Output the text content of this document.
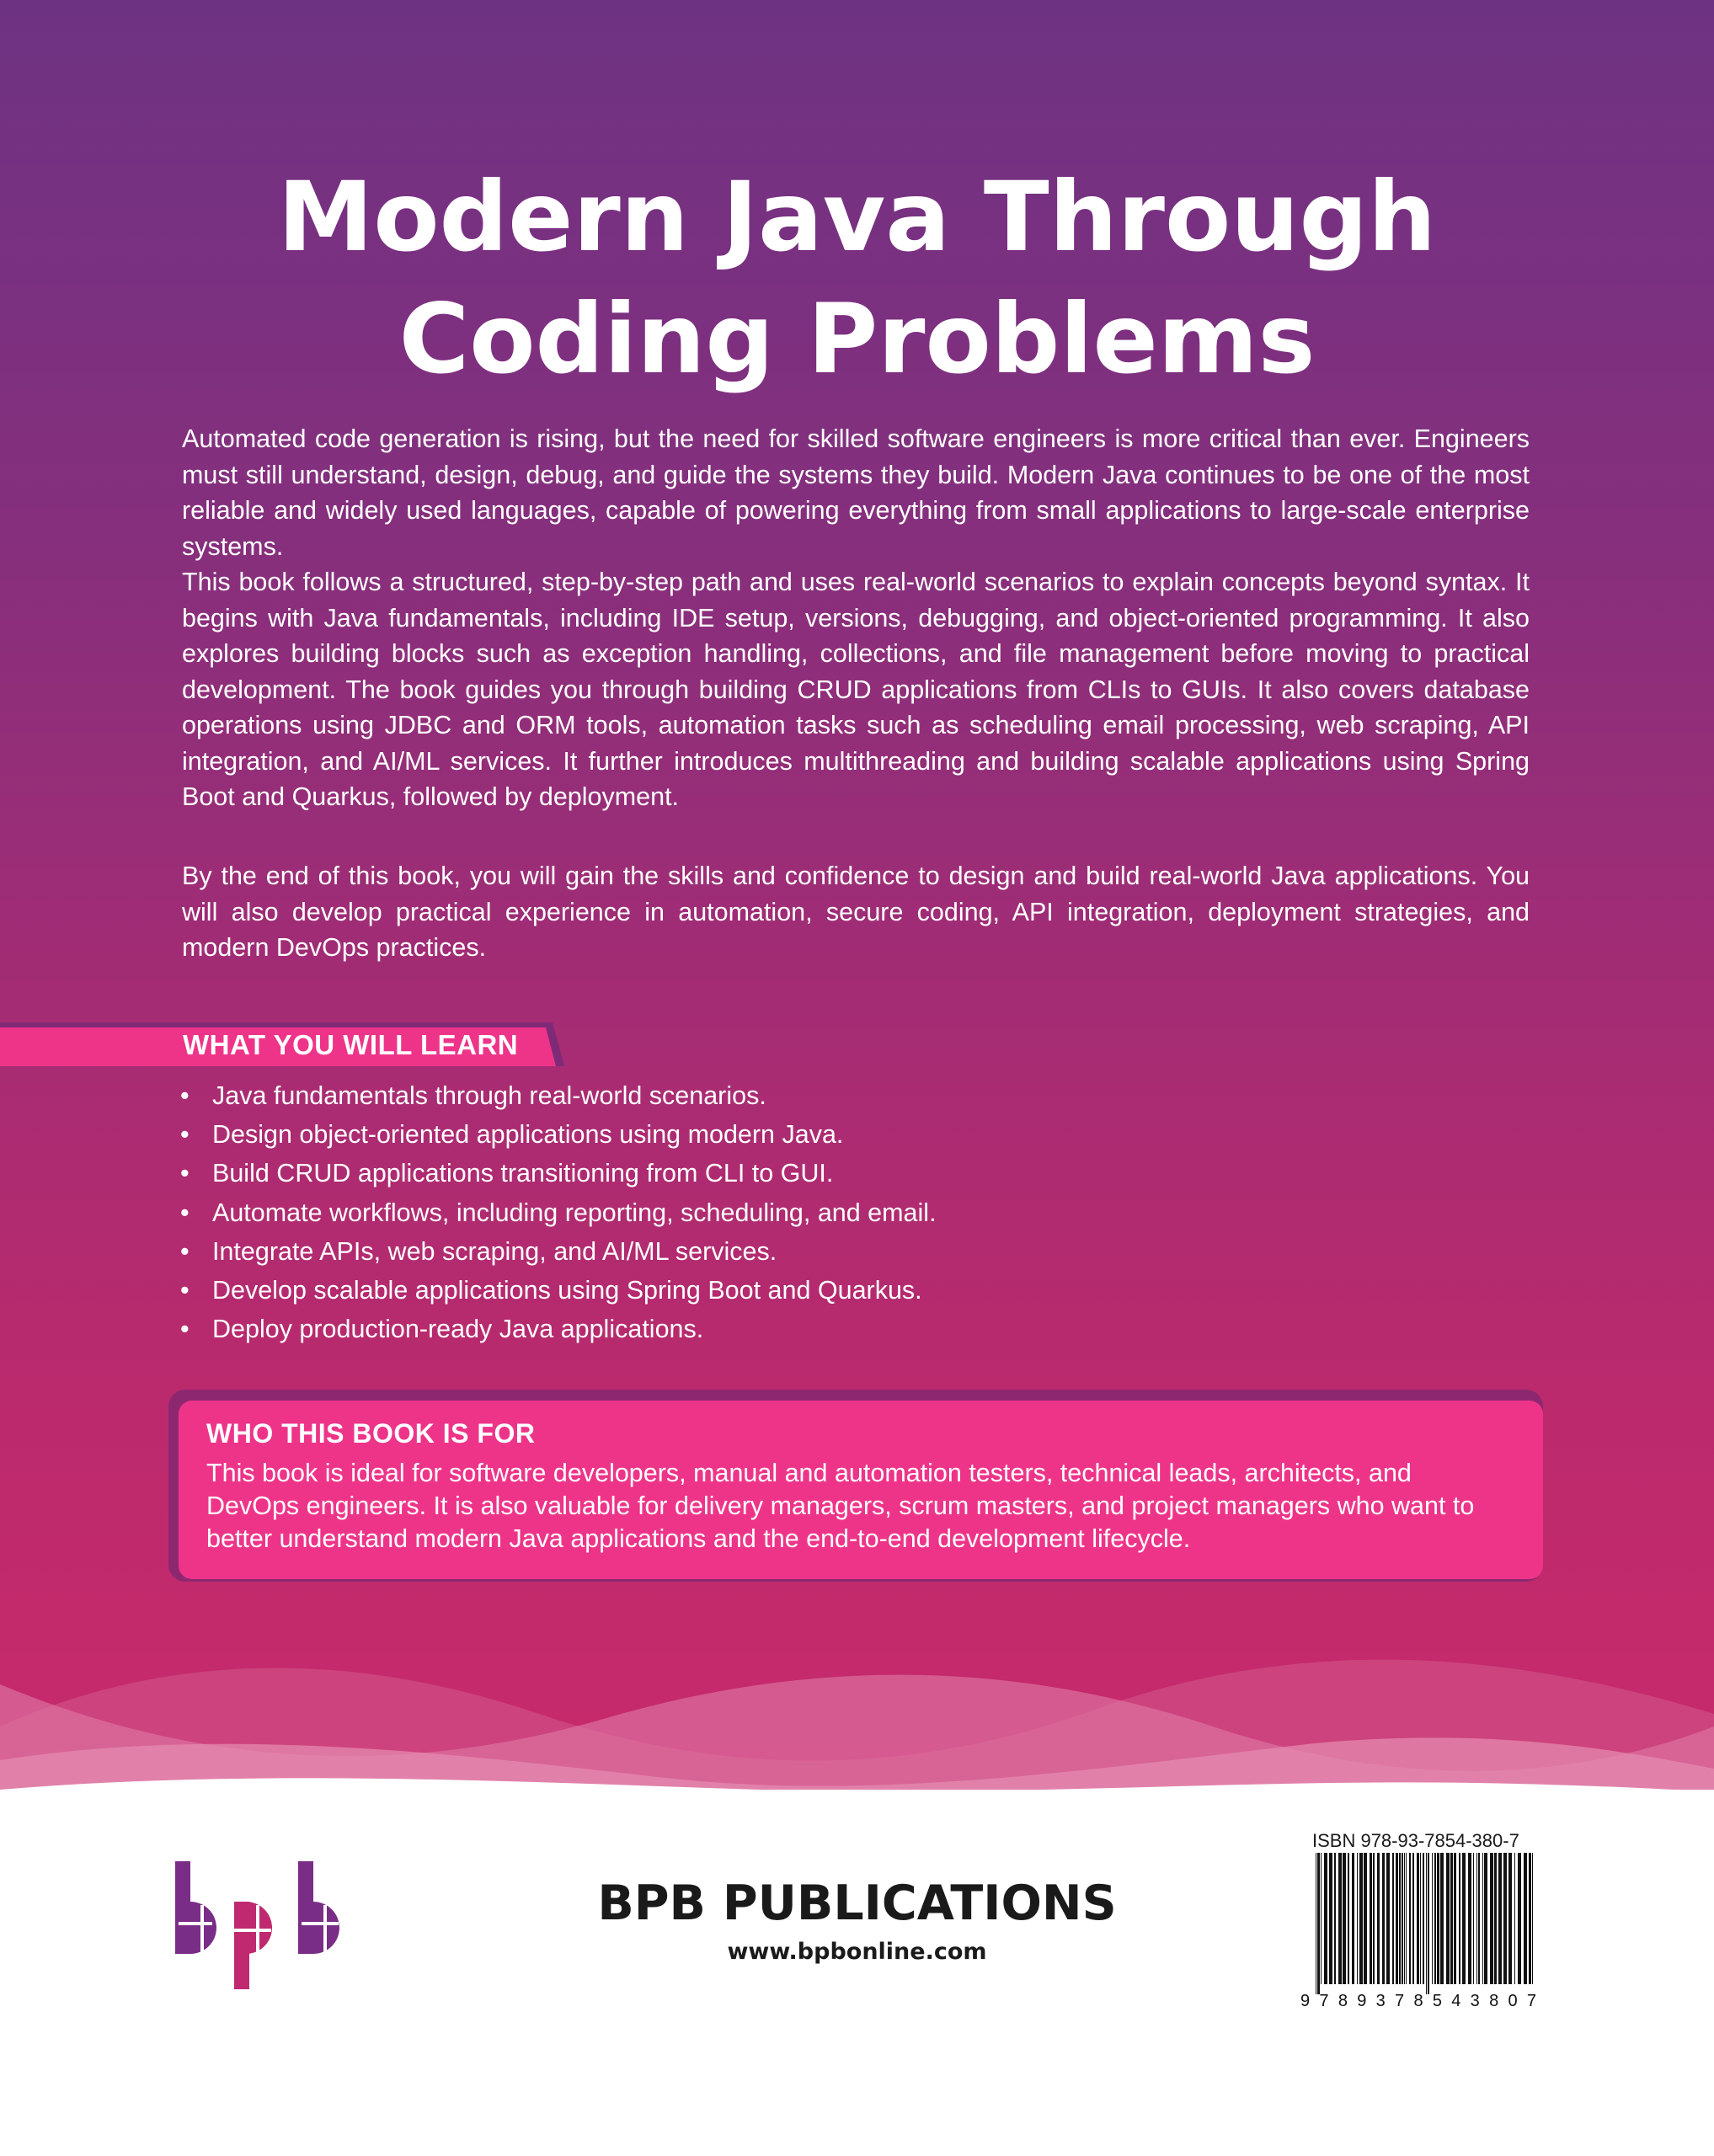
Modern Java Through
Coding Problems

Automated code generation is rising, but the need for skilled software engineers is more critical than ever. Engineers must still understand, design, debug, and guide the systems they build. Modern Java continues to be one of the most reliable and widely used languages, capable of powering everything from small applications to large-scale enterprise systems.

This book follows a structured, step-by-step path and uses real-world scenarios to explain concepts beyond syntax. It begins with Java fundamentals, including IDE setup, versions, debugging, and object-oriented programming. It also explores building blocks such as exception handling, collections, and file management before moving to practical development. The book guides you through building CRUD applications from CLIs to GUIs. It also covers database operations using JDBC and ORM tools, automation tasks such as scheduling email processing, web scraping, API integration, and AI/ML services. It further introduces multithreading and building scalable applications using Spring Boot and Quarkus, followed by deployment.

By the end of this book, you will gain the skills and confidence to design and build real-world Java applications. You will also develop practical experience in automation, secure coding, API integration, deployment strategies, and modern DevOps practices.

WHAT YOU WILL LEARN
• Java fundamentals through real-world scenarios.
• Design object-oriented applications using modern Java.
• Build CRUD applications transitioning from CLI to GUI.
• Automate workflows, including reporting, scheduling, and email.
• Integrate APIs, web scraping, and AI/ML services.
• Develop scalable applications using Spring Boot and Quarkus.
• Deploy production-ready Java applications.
WHO THIS BOOK IS FOR
This book is ideal for software developers, manual and automation testers, technical leads, architects, and DevOps engineers. It is also valuable for delivery managers, scrum masters, and project managers who want to better understand modern Java applications and the end-to-end development lifecycle.
BPB PUBLICATIONS
www.bpbonline.com
ISBN 978-93-7854-380-7
9789378543807
